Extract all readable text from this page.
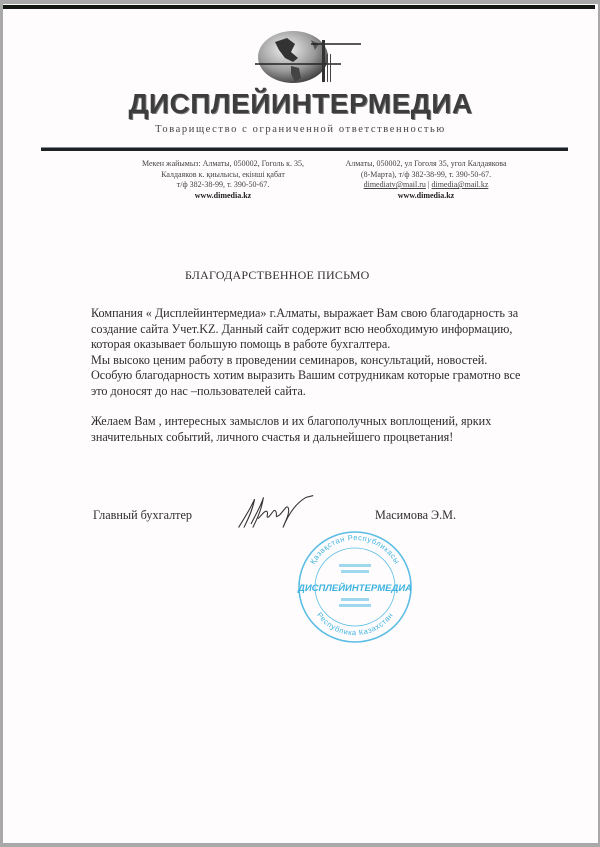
ДИСПЛЕЙИНТЕРМЕДИА
Товарищество с ограниченной ответственностью
Мекен жайымыз: Алматы, 050002, Гоголь к. 35,
Калдаяков к. қиылысы, екінші қабат
т/ф 382-38-99, т. 390-50-67.
www.dimedia.kz
Алматы, 050002, ул Гоголя 35, угол Калдаякова
(8-Марта), т/ф 382-38-99, т. 390-50-67.
dimediatv@mail.ru | dimedia@mail.kz
www.dimedia.kz
БЛАГОДАРСТВЕННОЕ ПИСЬМО
Компания « Дисплейинтермедиа» г.Алматы, выражает Вам свою благодарность за
создание сайта Учет.KZ. Данный сайт содержит всю необходимую информацию,
которая оказывает большую помощь в работе бухгалтера.
Мы высоко ценим работу в проведении семинаров, консультаций, новостей.
Особую благодарность хотим выразить Вашим сотрудникам которые грамотно все
это доносят до нас –пользователей сайта.
Желаем Вам , интересных замыслов и их благополучных воплощений, ярких
значительных событий, личного счастья и дальнейшего процветания!
Главный бухгалтер	Масимова Э.М.
Қазақстан Республикасы
Республика Казахстан
ДИСПЛЕЙИНТЕРМЕДИА
